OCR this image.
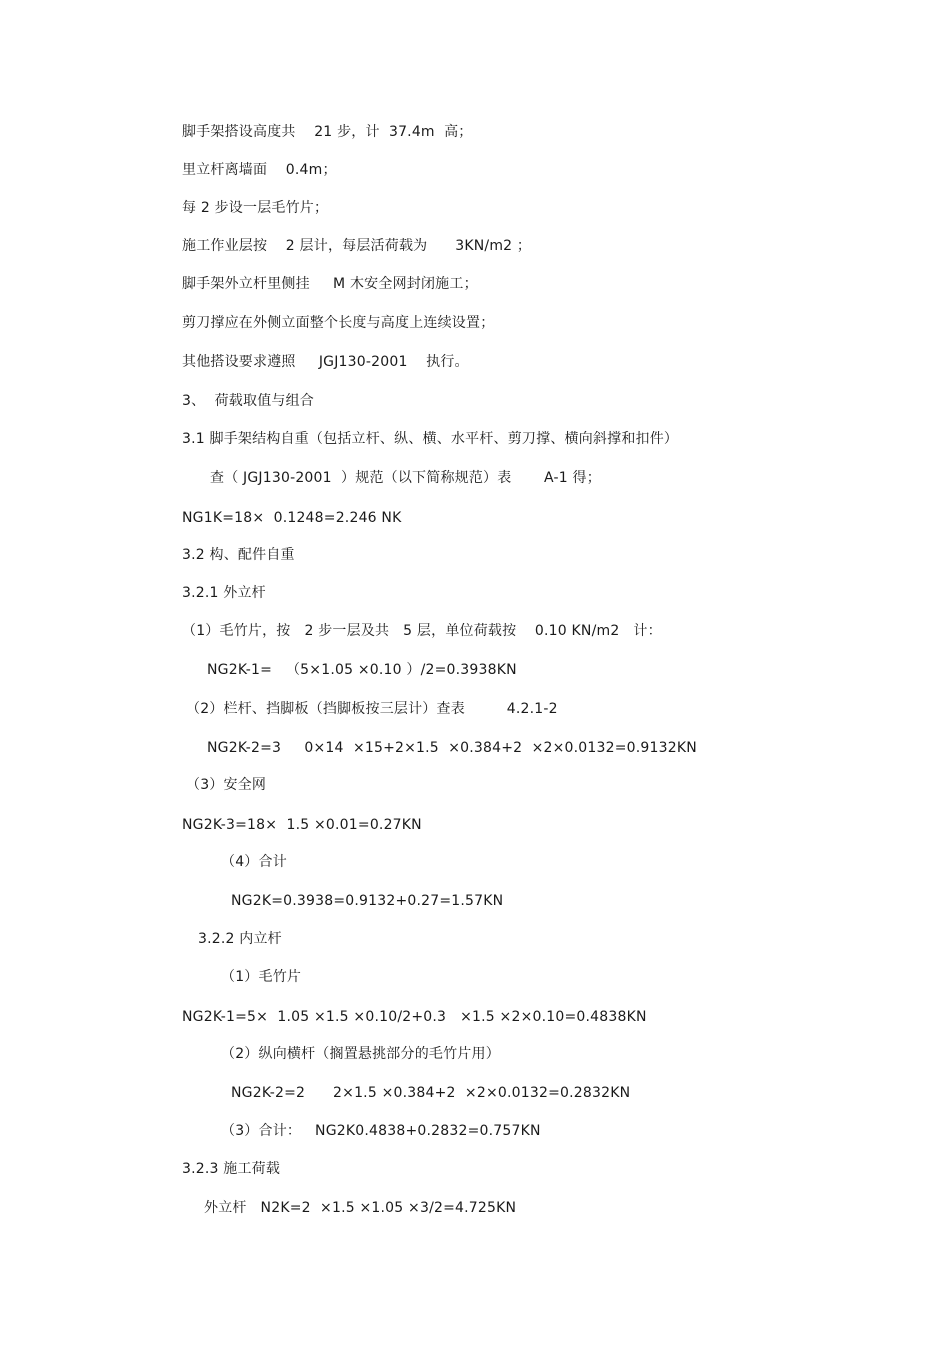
脚手架搭设高度共    21 步，计  37.4m  高；
里立杆离墙面    0.4m；
每 2 步设一层毛竹片；
施工作业层按    2 层计，每层活荷载为      3KN/m2 ；
脚手架外立杆里侧挂     M 木安全网封闭施工；
剪刀撑应在外侧立面整个长度与高度上连续设置；
其他搭设要求遵照     JGJ130-2001    执行。
3、  荷载取值与组合
3.1 脚手架结构自重（包括立杆、纵、横、水平杆、剪刀撑、横向斜撑和扣件）
查（ JGJ130-2001  ）规范（以下简称规范）表       A-1 得；
NG1K=18×  0.1248=2.246 NK
3.2 构、配件自重
3.2.1 外立杆
（1）毛竹片，按   2 步一层及共   5 层，单位荷载按    0.10 KN/m2   计：
NG2K-1=   （5×1.05 ×0.10 ）/2=0.3938KN
（2）栏杆、挡脚板（挡脚板按三层计）查表         4.2.1-2
NG2K-2=3     0×14  ×15+2×1.5  ×0.384+2  ×2×0.0132=0.9132KN
（3）安全网
NG2K-3=18×  1.5 ×0.01=0.27KN
（4）合计
NG2K=0.3938=0.9132+0.27=1.57KN
3.2.2 内立杆
（1）毛竹片
NG2K-1=5×  1.05 ×1.5 ×0.10/2+0.3   ×1.5 ×2×0.10=0.4838KN
（2）纵向横杆（搁置悬挑部分的毛竹片用）
NG2K-2=2      2×1.5 ×0.384+2  ×2×0.0132=0.2832KN
（3）合计：   NG2K0.4838+0.2832=0.757KN
3.2.3 施工荷载
外立杆   N2K=2  ×1.5 ×1.05 ×3/2=4.725KN
